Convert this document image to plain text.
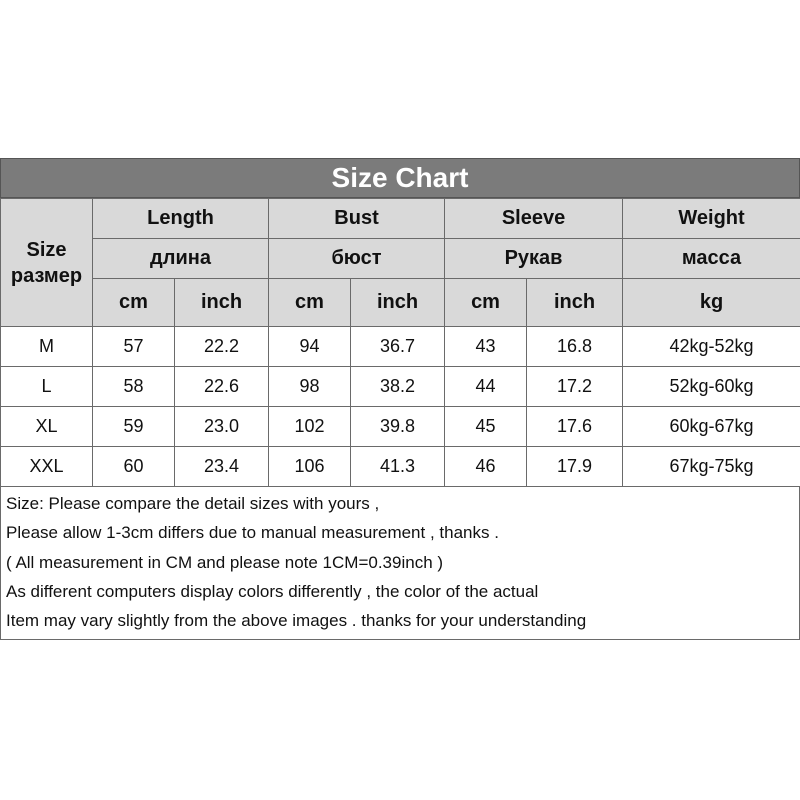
Size Chart
Size
размер	Length		Bust		Sleeve		Weight
	длина		бюст		Рукав		масса
	cm	inch	cm	inch	cm	inch	kg
M	57	22.2	94	36.7	43	16.8	42kg-52kg
L	58	22.6	98	38.2	44	17.2	52kg-60kg
XL	59	23.0	102	39.8	45	17.6	60kg-67kg
XXL	60	23.4	106	41.3	46	17.9	67kg-75kg
Size: Please compare the detail sizes with yours ,
Please allow 1-3cm differs due to manual measurement , thanks .
( All measurement in CM and please note 1CM=0.39inch )
As different computers display colors differently , the color of the actual
Item may vary slightly from the above images . thanks for your understanding
